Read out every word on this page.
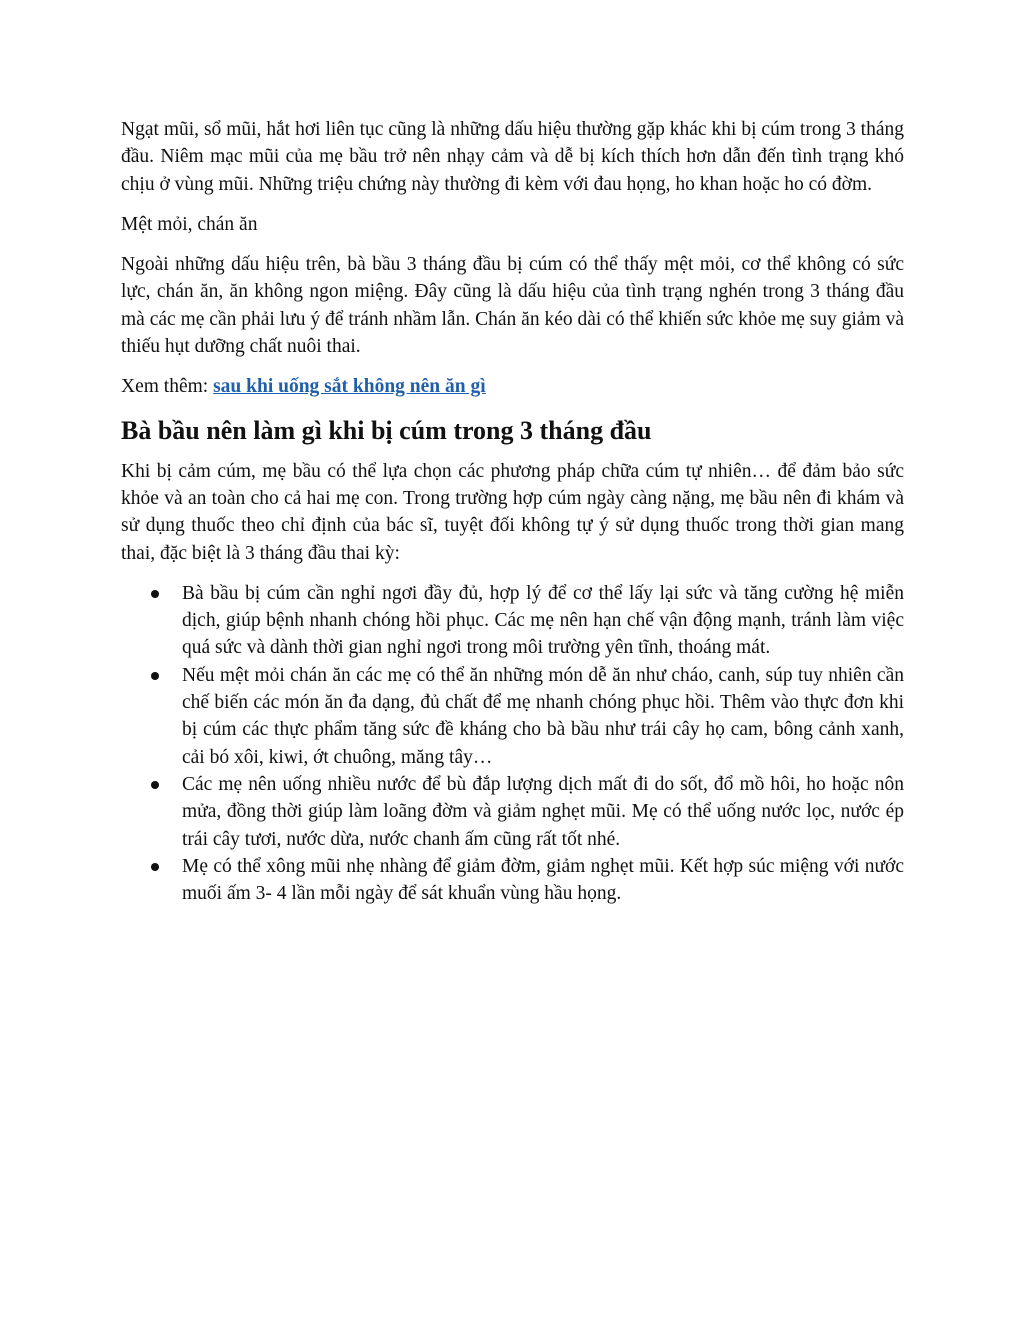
Ngạt mũi, sổ mũi, hắt hơi liên tục cũng là những dấu hiệu thường gặp khác khi bị cúm trong 3 tháng đầu. Niêm mạc mũi của mẹ bầu trở nên nhạy cảm và dễ bị kích thích hơn dẫn đến tình trạng khó chịu ở vùng mũi. Những triệu chứng này thường đi kèm với đau họng, ho khan hoặc ho có đờm.

Mệt mỏi, chán ăn

Ngoài những dấu hiệu trên, bà bầu 3 tháng đầu bị cúm có thể thấy mệt mỏi, cơ thể không có sức lực, chán ăn, ăn không ngon miệng. Đây cũng là dấu hiệu của tình trạng nghén trong 3 tháng đầu mà các mẹ cần phải lưu ý để tránh nhầm lẫn. Chán ăn kéo dài có thể khiến sức khỏe mẹ suy giảm và thiếu hụt dưỡng chất nuôi thai.

Xem thêm: sau khi uống sắt không nên ăn gì

Bà bầu nên làm gì khi bị cúm trong 3 tháng đầu

Khi bị cảm cúm, mẹ bầu có thể lựa chọn các phương pháp chữa cúm tự nhiên… để đảm bảo sức khỏe và an toàn cho cả hai mẹ con. Trong trường hợp cúm ngày càng nặng, mẹ bầu nên đi khám và sử dụng thuốc theo chỉ định của bác sĩ, tuyệt đối không tự ý sử dụng thuốc trong thời gian mang thai, đặc biệt là 3 tháng đầu thai kỳ:

Bà bầu bị cúm cần nghỉ ngơi đầy đủ, hợp lý để cơ thể lấy lại sức và tăng cường hệ miễn dịch, giúp bệnh nhanh chóng hồi phục. Các mẹ nên hạn chế vận động mạnh, tránh làm việc quá sức và dành thời gian nghỉ ngơi trong môi trường yên tĩnh, thoáng mát.
Nếu mệt mỏi chán ăn các mẹ có thể ăn những món dễ ăn như cháo, canh, súp tuy nhiên cần chế biến các món ăn đa dạng, đủ chất để mẹ nhanh chóng phục hồi. Thêm vào thực đơn khi bị cúm các thực phẩm tăng sức đề kháng cho bà bầu như trái cây họ cam, bông cảnh xanh, cải bó xôi, kiwi, ớt chuông, măng tây…
Các mẹ nên uống nhiều nước để bù đắp lượng dịch mất đi do sốt, đổ mồ hôi, ho hoặc nôn mửa, đồng thời giúp làm loãng đờm và giảm nghẹt mũi. Mẹ có thể uống nước lọc, nước ép trái cây tươi, nước dừa, nước chanh ấm cũng rất tốt nhé.
Mẹ có thể xông mũi nhẹ nhàng để giảm đờm, giảm nghẹt mũi. Kết hợp súc miệng với nước muối ấm 3- 4 lần mỗi ngày để sát khuẩn vùng hầu họng.
